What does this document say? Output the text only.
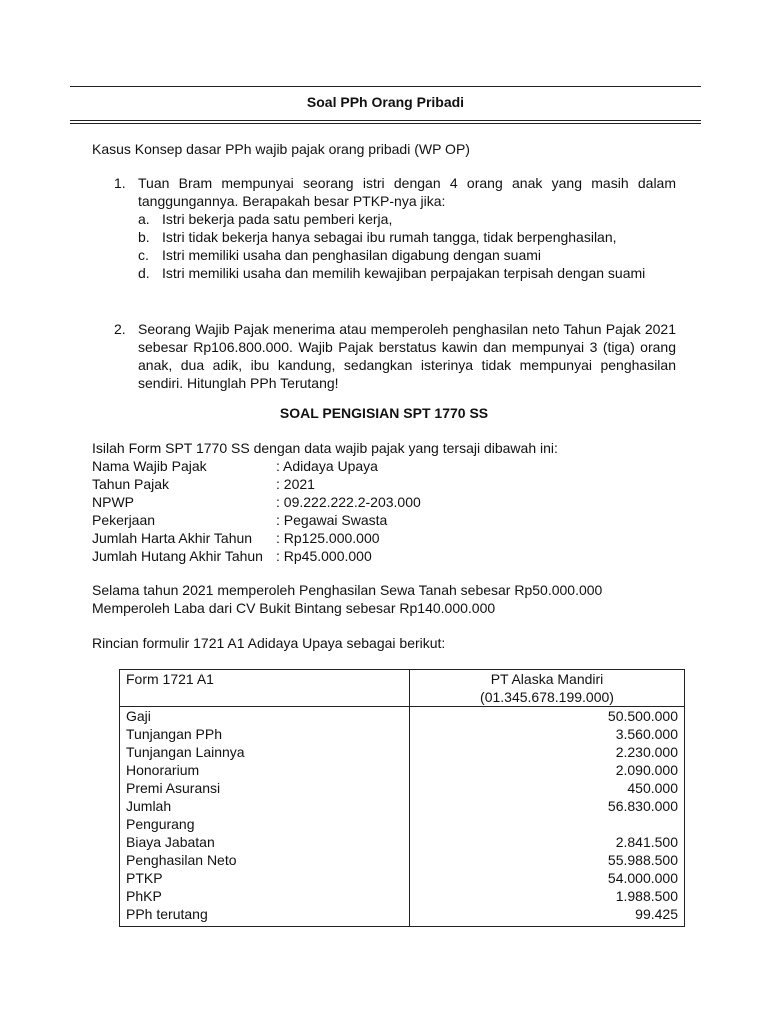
Soal PPh Orang Pribadi
Kasus Konsep dasar PPh wajib pajak orang pribadi (WP OP)
1. Tuan Bram mempunyai seorang istri dengan 4 orang anak yang masih dalam tanggungannya. Berapakah besar PTKP-nya jika:
a. Istri bekerja pada satu pemberi kerja,
b. Istri tidak bekerja hanya sebagai ibu rumah tangga, tidak berpenghasilan,
c. Istri memiliki usaha dan penghasilan digabung dengan suami
d. Istri memiliki usaha dan memilih kewajiban perpajakan terpisah dengan suami
2. Seorang Wajib Pajak menerima atau memperoleh penghasilan neto Tahun Pajak 2021 sebesar Rp106.800.000. Wajib Pajak berstatus kawin dan mempunyai 3 (tiga) orang anak, dua adik, ibu kandung, sedangkan isterinya tidak mempunyai penghasilan sendiri. Hitunglah PPh Terutang!
SOAL PENGISIAN SPT 1770 SS
Isilah Form SPT 1770 SS dengan data wajib pajak yang tersaji dibawah ini:
Nama Wajib Pajak	: Adidaya Upaya
Tahun Pajak	: 2021
NPWP	: 09.222.222.2-203.000
Pekerjaan	: Pegawai Swasta
Jumlah Harta Akhir Tahun	: Rp125.000.000
Jumlah Hutang Akhir Tahun : Rp45.000.000
Selama tahun 2021 memperoleh Penghasilan Sewa Tanah sebesar Rp50.000.000
Memperoleh Laba dari CV Bukit Bintang sebesar Rp140.000.000
Rincian formulir 1721 A1 Adidaya Upaya sebagai berikut:
Form 1721 A1	PT Alaska Mandiri
(01.345.678.199.000)

Gaji	50.500.000
Tunjangan PPh	3.560.000
Tunjangan Lainnya	2.230.000
Honorarium	2.090.000
Premi Asuransi	450.000
Jumlah	56.830.000
Pengurang	
Biaya Jabatan	2.841.500
Penghasilan Neto	55.988.500
PTKP	54.000.000
PhKP	1.988.500
PPh terutang	99.425
